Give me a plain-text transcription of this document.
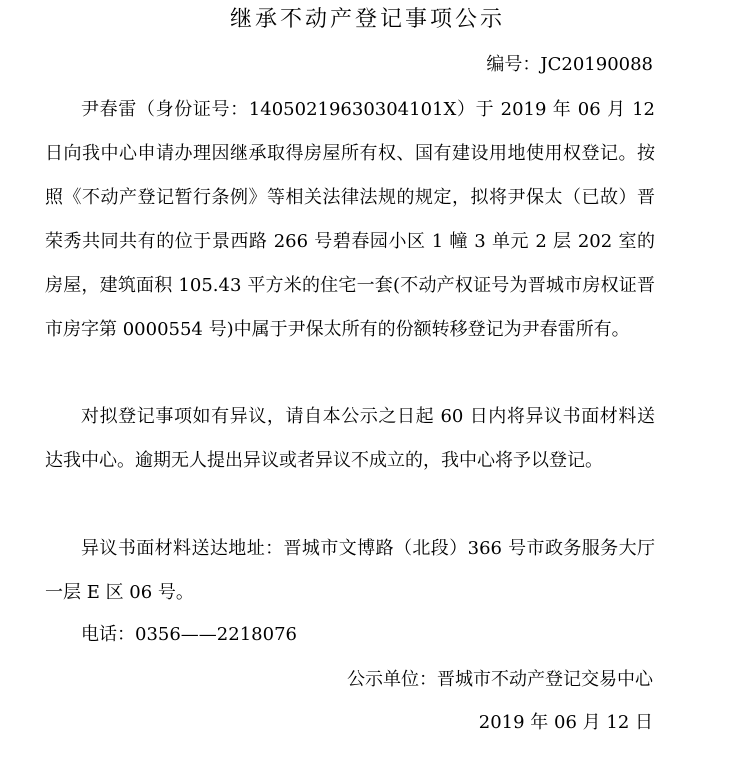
继承不动产登记事项公示
编号：JC20190088

尹春雷（身份证号：14050219630304101X）于 2019 年 06 月 12 日向我中心申请办理因继承取得房屋所有权、国有建设用地使用权登记。按照《不动产登记暂行条例》等相关法律法规的规定，拟将尹保太（已故）晋荣秀共同共有的位于景西路 266 号碧春园小区 1 幢 3 单元 2 层 202 室的房屋，建筑面积 105.43 平方米的住宅一套(不动产权证号为晋城市房权证晋市房字第 0000554 号)中属于尹保太所有的份额转移登记为尹春雷所有。

对拟登记事项如有异议，请自本公示之日起 60 日内将异议书面材料送达我中心。逾期无人提出异议或者异议不成立的，我中心将予以登记。

异议书面材料送达地址：晋城市文博路（北段）366 号市政务服务大厅一层 E 区 06 号。

电话：0356——2218076
公示单位：晋城市不动产登记交易中心
2019 年 06 月 12 日
